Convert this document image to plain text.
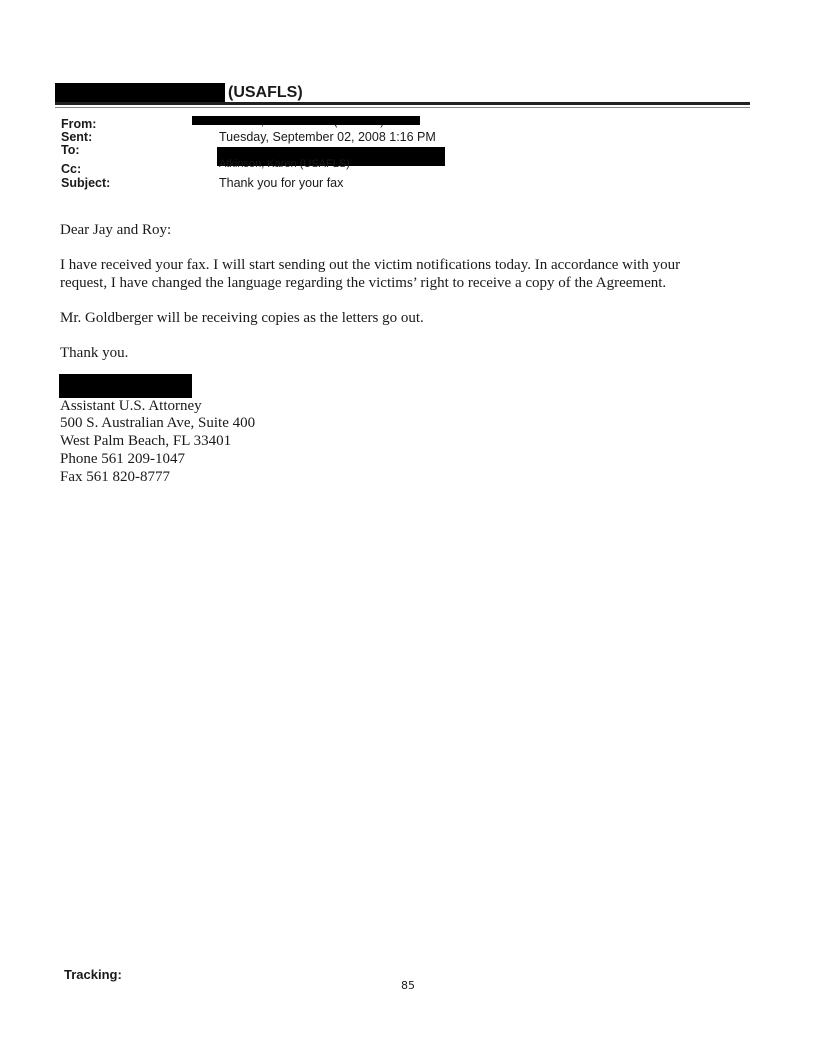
(USAFLS)
From:
Sent:	Tuesday, September 02, 2008 1:16 PM
To:
Cc:	Atkinson, Karen (USAFLS)
Subject:	Thank you for your fax
Dear Jay and Roy:
I have received your fax. I will start sending out the victim notifications today. In accordance with your
request, I have changed the language regarding the victims’ right to receive a copy of the Agreement.
Mr. Goldberger will be receiving copies as the letters go out.
Thank you.
Assistant U.S. Attorney
500 S. Australian Ave, Suite 400
West Palm Beach, FL 33401
Phone 561 209-1047
Fax 561 820-8777
Tracking:
85
